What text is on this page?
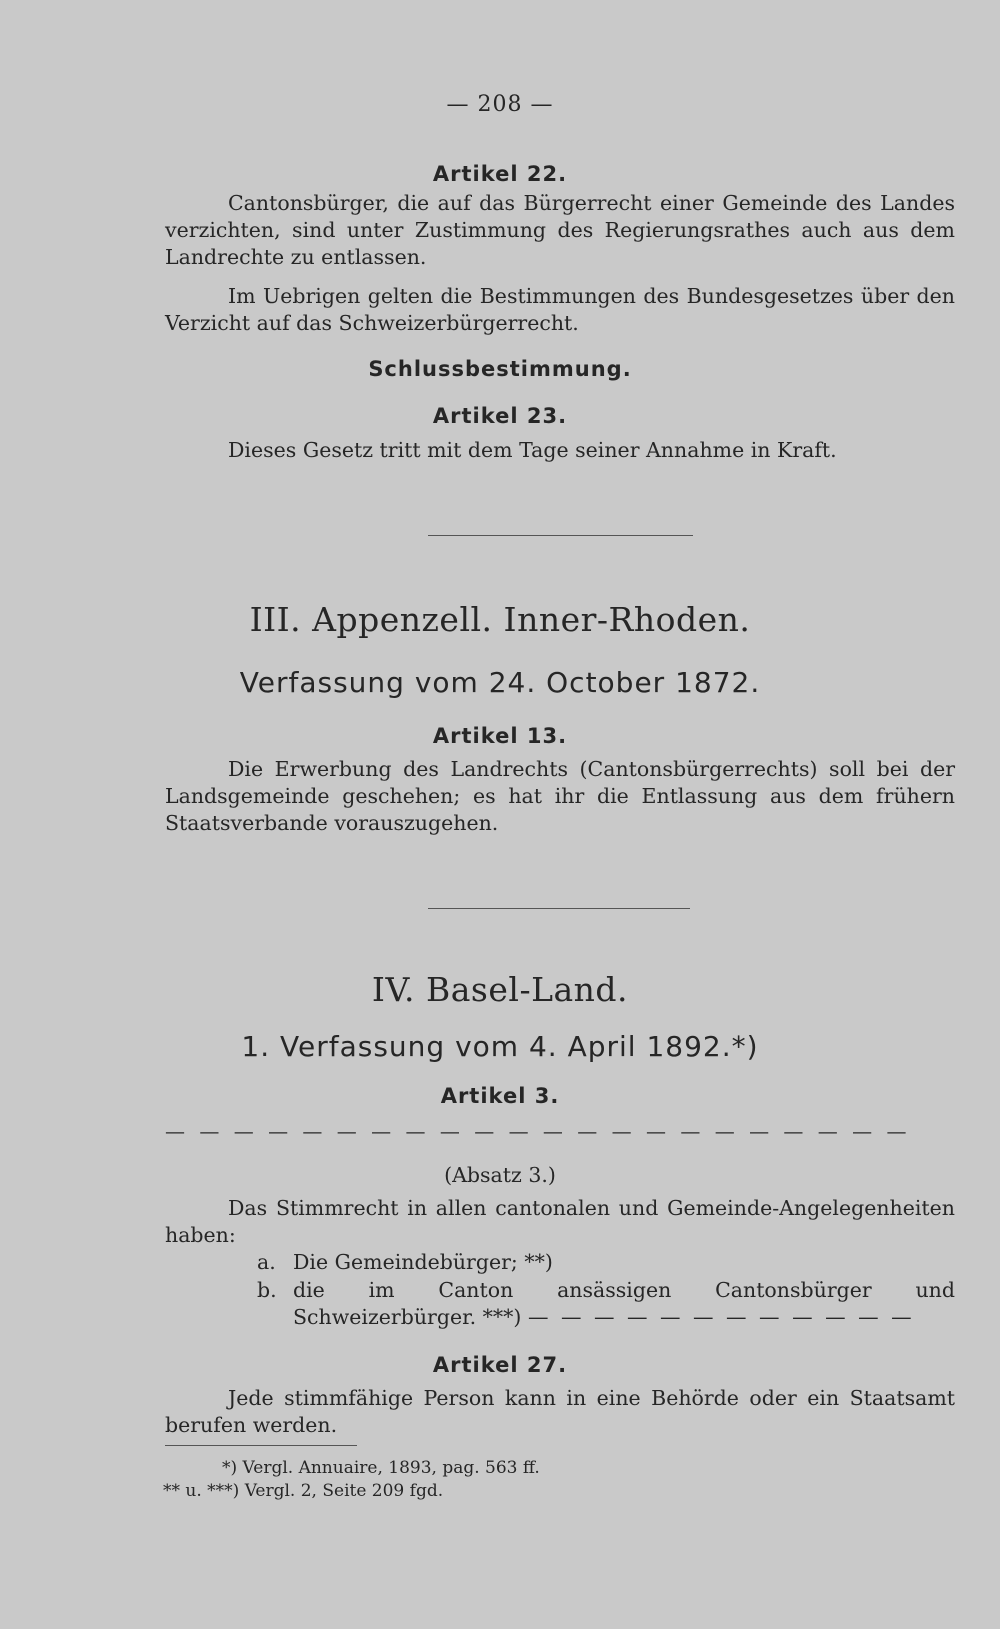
— 208 —
Artikel 22.
Cantonsbürger, die auf das Bürgerrecht einer Gemeinde des Landes verzichten, sind unter Zustimmung des Regierungsrathes auch aus dem Landrechte zu entlassen.
Im Uebrigen gelten die Bestimmungen des Bundesgesetzes über den Verzicht auf das Schweizerbürgerrecht.
Schlussbestimmung.
Artikel 23.
Dieses Gesetz tritt mit dem Tage seiner Annahme in Kraft.
III. Appenzell. Inner-Rhoden.
Verfassung vom 24. October 1872.
Artikel 13.
Die Erwerbung des Landrechts (Cantonsbürgerrechts) soll bei der Landsgemeinde geschehen; es hat ihr die Entlassung aus dem frühern Staatsverbande vorauszugehen.
IV. Basel-Land.
1. Verfassung vom 4. April 1892.*)
Artikel 3.
— — — — — — — — — — — — — — — — — — — — — —
(Absatz 3.)
Das Stimmrecht in allen cantonalen und Gemeinde-Angelegenheiten haben:
a. Die Gemeindebürger; **)
b. die im Canton ansässigen Cantonsbürger und Schweizerbürger. ***) — — — — — — — — — — — —
Artikel 27.
Jede stimmfähige Person kann in eine Behörde oder ein Staatsamt berufen werden.
*) Vergl. Annuaire, 1893, pag. 563 ff.
** u. ***) Vergl. 2, Seite 209 fgd.
